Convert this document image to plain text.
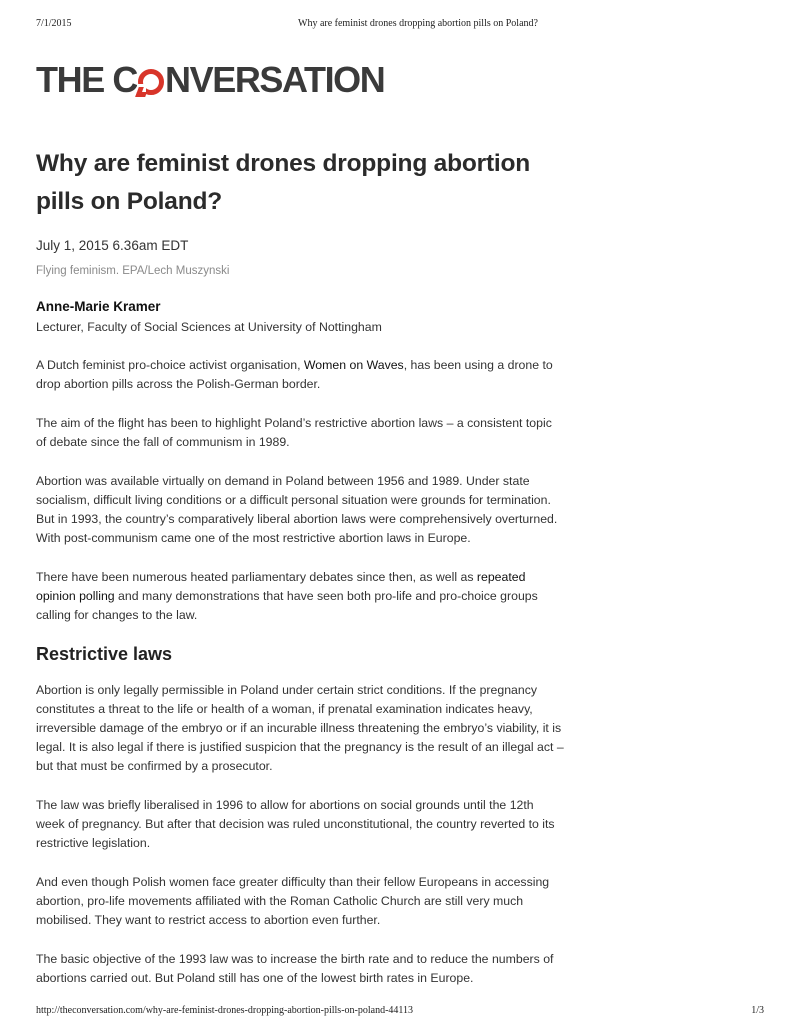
7/1/2015	Why are feminist drones dropping abortion pills on Poland?
THE C NVERSATION
Why are feminist drones dropping abortion pills on Poland?
July 1, 2015 6.36am EDT
Flying feminism. EPA/Lech Muszynski
Anne-Marie Kramer
Lecturer, Faculty of Social Sciences at University of Nottingham

A Dutch feminist pro-choice activist organisation, Women on Waves, has been using a drone to drop abortion pills across the Polish-German border.

The aim of the flight has been to highlight Poland’s restrictive abortion laws – a consistent topic of debate since the fall of communism in 1989.

Abortion was available virtually on demand in Poland between 1956 and 1989. Under state socialism, difficult living conditions or a difficult personal situation were grounds for termination. But in 1993, the country’s comparatively liberal abortion laws were comprehensively overturned. With post-communism came one of the most restrictive abortion laws in Europe.

There have been numerous heated parliamentary debates since then, as well as repeated opinion polling and many demonstrations that have seen both pro-life and pro-choice groups calling for changes to the law.

Restrictive laws

Abortion is only legally permissible in Poland under certain strict conditions. If the pregnancy constitutes a threat to the life or health of a woman, if prenatal examination indicates heavy, irreversible damage of the embryo or if an incurable illness threatening the embryo’s viability, it is legal. It is also legal if there is justified suspicion that the pregnancy is the result of an illegal act – but that must be confirmed by a prosecutor.

The law was briefly liberalised in 1996 to allow for abortions on social grounds until the 12th week of pregnancy. But after that decision was ruled unconstitutional, the country reverted to its restrictive legislation.

And even though Polish women face greater difficulty than their fellow Europeans in accessing abortion, pro-life movements affiliated with the Roman Catholic Church are still very much mobilised. They want to restrict access to abortion even further.

The basic objective of the 1993 law was to increase the birth rate and to reduce the numbers of abortions carried out. But Poland still has one of the lowest birth rates in Europe.

http://theconversation.com/why-are-feminist-drones-dropping-abortion-pills-on-poland-44113	1/3
